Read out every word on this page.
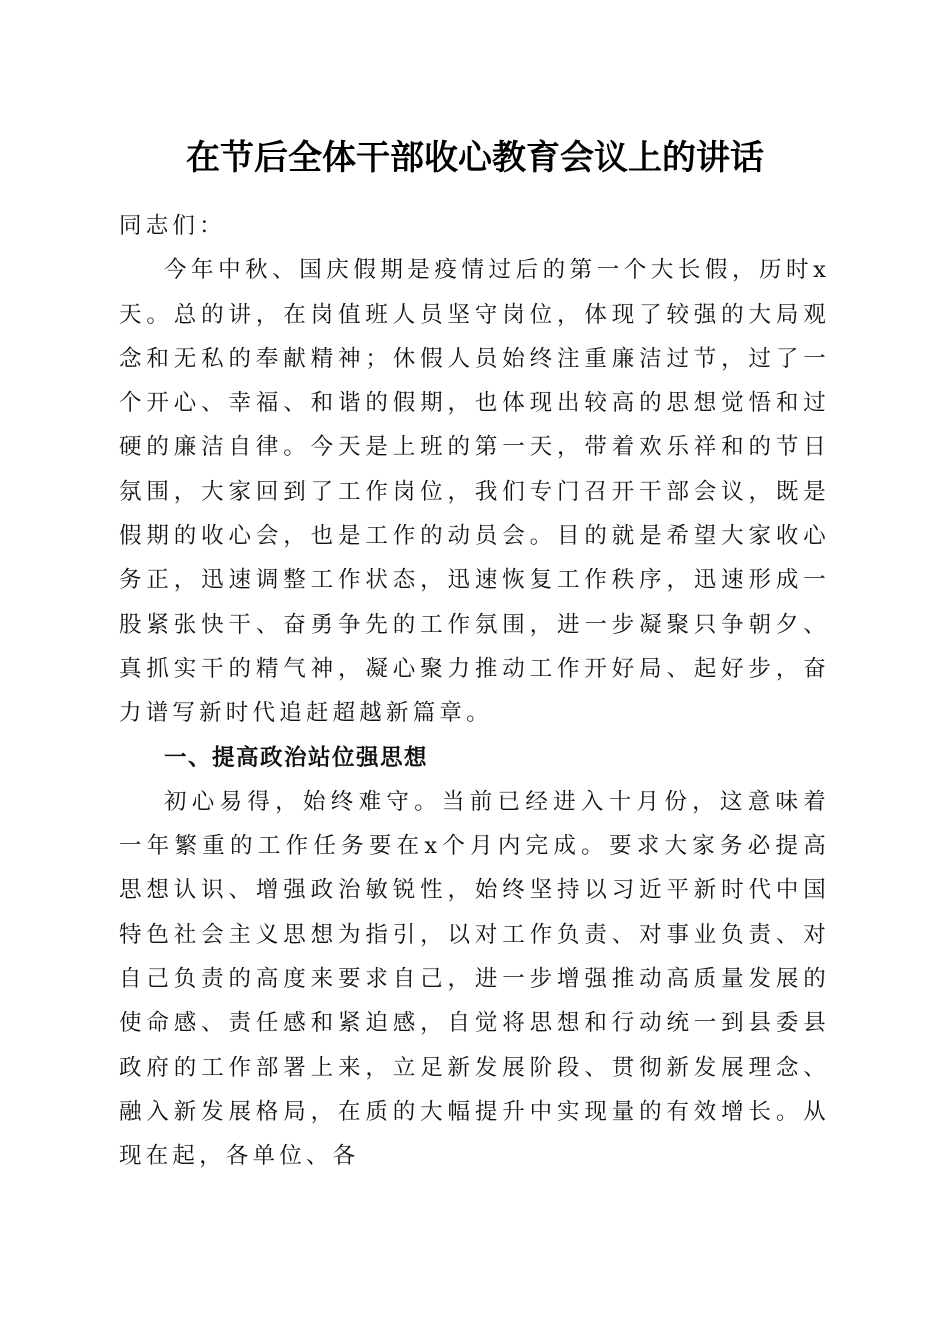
在节后全体干部收心教育会议上的讲话

同志们：

今年中秋、国庆假期是疫情过后的第一个大长假，历时x天。总的讲，在岗值班人员坚守岗位，体现了较强的大局观念和无私的奉献精神；休假人员始终注重廉洁过节，过了一个开心、幸福、和谐的假期，也体现出较高的思想觉悟和过硬的廉洁自律。今天是上班的第一天，带着欢乐祥和的节日氛围，大家回到了工作岗位，我们专门召开干部会议，既是假期的收心会，也是工作的动员会。目的就是希望大家收心务正，迅速调整工作状态，迅速恢复工作秩序，迅速形成一股紧张快干、奋勇争先的工作氛围，进一步凝聚只争朝夕、真抓实干的精气神，凝心聚力推动工作开好局、起好步，奋力谱写新时代追赶超越新篇章。

一、提高政治站位强思想

初心易得，始终难守。当前已经进入十月份，这意味着一年繁重的工作任务要在x个月内完成。要求大家务必提高思想认识、增强政治敏锐性，始终坚持以习近平新时代中国特色社会主义思想为指引，以对工作负责、对事业负责、对自己负责的高度来要求自己，进一步增强推动高质量发展的使命感、责任感和紧迫感，自觉将思想和行动统一到县委县政府的工作部署上来，立足新发展阶段、贯彻新发展理念、融入新发展格局，在质的大幅提升中实现量的有效增长。从现在起，各单位、各
